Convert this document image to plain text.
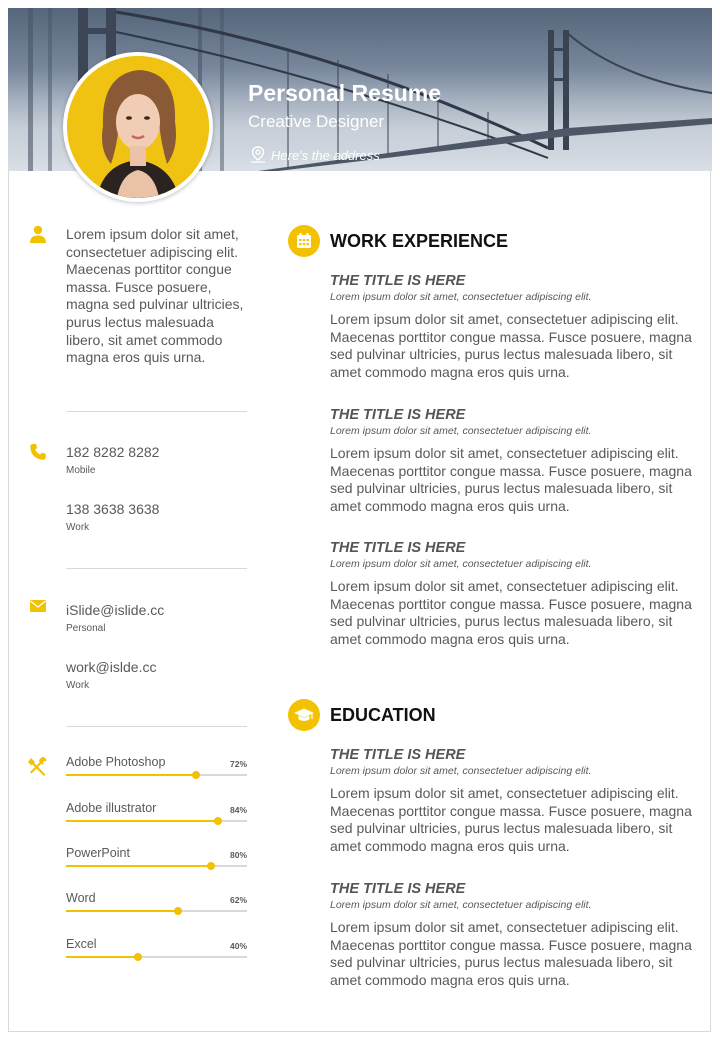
Personal Resume
Creative Designer
Here's the address
Lorem ipsum dolor sit amet, consectetuer adipiscing elit. Maecenas porttitor congue massa. Fusce posuere, magna sed pulvinar ultricies, purus lectus malesuada libero, sit amet commodo magna eros quis urna.
182 8282 8282
Mobile
138 3638 3638
Work
iSlide@islide.cc
Personal
work@islde.cc
Work
Adobe Photoshop	72%
Adobe illustrator	84%
PowerPoint	80%
Word	62%
Excel	40%
WORK EXPERIENCE
THE TITLE IS HERE
Lorem ipsum dolor sit amet, consectetuer adipiscing elit.
Lorem ipsum dolor sit amet, consectetuer adipiscing elit. Maecenas porttitor congue massa. Fusce posuere, magna sed pulvinar ultricies, purus lectus malesuada libero, sit amet commodo magna eros quis urna.
THE TITLE IS HERE
Lorem ipsum dolor sit amet, consectetuer adipiscing elit.
Lorem ipsum dolor sit amet, consectetuer adipiscing elit. Maecenas porttitor congue massa. Fusce posuere, magna sed pulvinar ultricies, purus lectus malesuada libero, sit amet commodo magna eros quis urna.
THE TITLE IS HERE
Lorem ipsum dolor sit amet, consectetuer adipiscing elit.
Lorem ipsum dolor sit amet, consectetuer adipiscing elit. Maecenas porttitor congue massa. Fusce posuere, magna sed pulvinar ultricies, purus lectus malesuada libero, sit amet commodo magna eros quis urna.
EDUCATION
THE TITLE IS HERE
Lorem ipsum dolor sit amet, consectetuer adipiscing elit.
Lorem ipsum dolor sit amet, consectetuer adipiscing elit. Maecenas porttitor congue massa. Fusce posuere, magna sed pulvinar ultricies, purus lectus malesuada libero, sit amet commodo magna eros quis urna.
THE TITLE IS HERE
Lorem ipsum dolor sit amet, consectetuer adipiscing elit.
Lorem ipsum dolor sit amet, consectetuer adipiscing elit. Maecenas porttitor congue massa. Fusce posuere, magna sed pulvinar ultricies, purus lectus malesuada libero, sit amet commodo magna eros quis urna.
